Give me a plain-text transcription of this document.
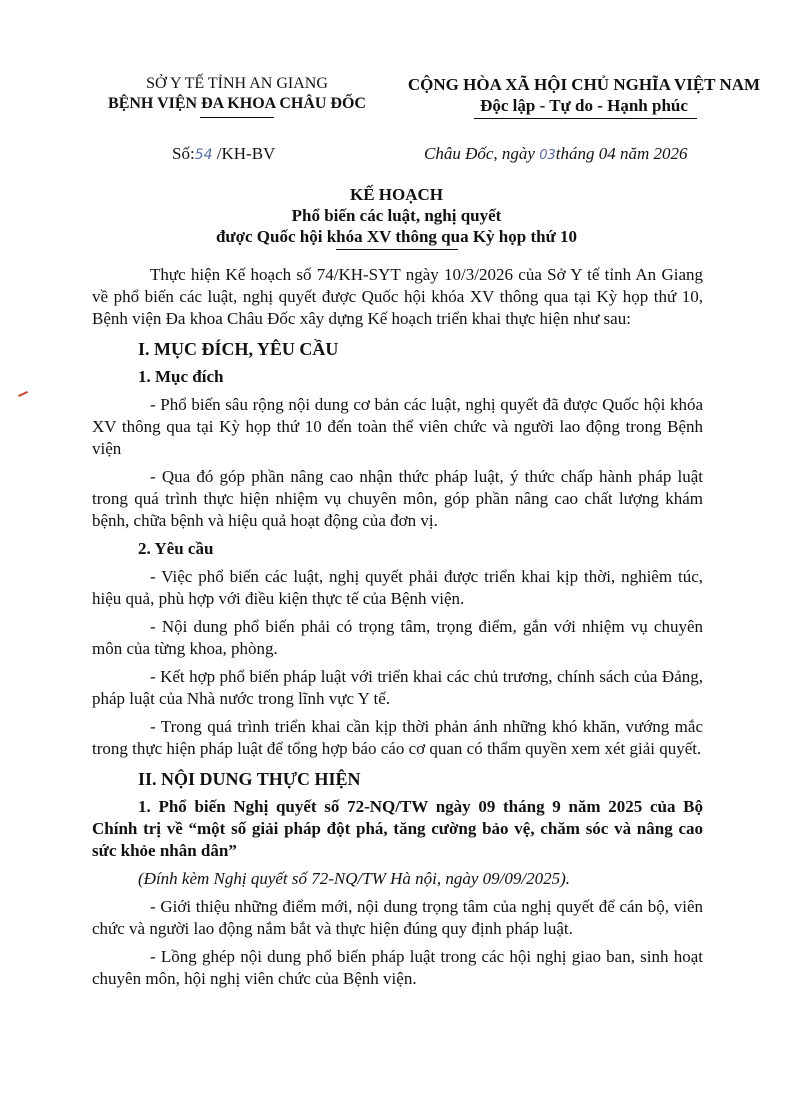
SỞ Y TẾ TỈNH AN GIANG
BỆNH VIỆN ĐA KHOA CHÂU ĐỐC
CỘNG HÒA XÃ HỘI CHỦ NGHĨA VIỆT NAM
Độc lập - Tự do - Hạnh phúc
Số:54 /KH-BV	Châu Đốc, ngày 03tháng 04 năm 2026
KẾ HOẠCH
Phổ biến các luật, nghị quyết
được Quốc hội khóa XV thông qua Kỳ họp thứ 10

Thực hiện Kế hoạch số 74/KH-SYT ngày 10/3/2026 của Sở Y tế tỉnh An Giang về phổ biến các luật, nghị quyết được Quốc hội khóa XV thông qua tại Kỳ họp thứ 10, Bệnh viện Đa khoa Châu Đốc xây dựng Kế hoạch triển khai thực hiện như sau:

I. MỤC ĐÍCH, YÊU CẦU
1. Mục đích

- Phổ biến sâu rộng nội dung cơ bản các luật, nghị quyết đã được Quốc hội khóa XV thông qua tại Kỳ họp thứ 10 đến toàn thể viên chức và người lao động trong Bệnh viện

- Qua đó góp phần nâng cao nhận thức pháp luật, ý thức chấp hành pháp luật trong quá trình thực hiện nhiệm vụ chuyên môn, góp phần nâng cao chất lượng khám bệnh, chữa bệnh và hiệu quả hoạt động của đơn vị.

2. Yêu cầu

- Việc phổ biến các luật, nghị quyết phải được triển khai kịp thời, nghiêm túc, hiệu quả, phù hợp với điều kiện thực tế của Bệnh viện.

- Nội dung phổ biến phải có trọng tâm, trọng điểm, gắn với nhiệm vụ chuyên môn của từng khoa, phòng.

- Kết hợp phổ biến pháp luật với triển khai các chủ trương, chính sách của Đảng, pháp luật của Nhà nước trong lĩnh vực Y tế.

- Trong quá trình triển khai cần kịp thời phản ánh những khó khăn, vướng mắc trong thực hiện pháp luật để tổng hợp báo cáo cơ quan có thẩm quyền xem xét giải quyết.

II. NỘI DUNG THỰC HIỆN

1. Phổ biến Nghị quyết số 72-NQ/TW ngày 09 tháng 9 năm 2025 của Bộ Chính trị về “một số giải pháp đột phá, tăng cường bảo vệ, chăm sóc và nâng cao sức khỏe nhân dân”

(Đính kèm Nghị quyết số 72-NQ/TW Hà nội, ngày 09/09/2025).

- Giới thiệu những điểm mới, nội dung trọng tâm của nghị quyết để cán bộ, viên chức và người lao động nắm bắt và thực hiện đúng quy định pháp luật.

- Lồng ghép nội dung phổ biến pháp luật trong các hội nghị giao ban, sinh hoạt chuyên môn, hội nghị viên chức của Bệnh viện.
